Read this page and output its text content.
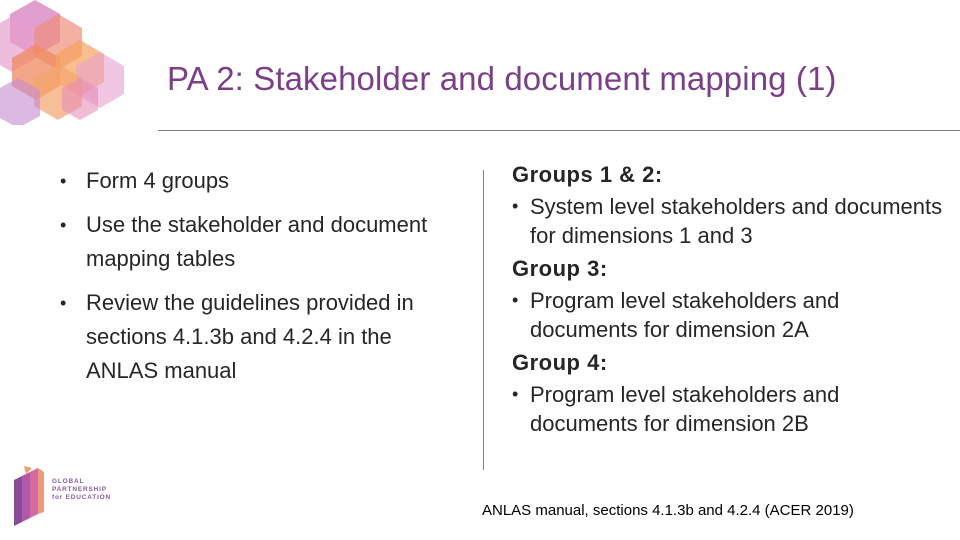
PA 2: Stakeholder and document mapping (1)
• Form 4 groups
• Use the stakeholder and document mapping tables
• Review the guidelines provided in sections 4.1.3b and 4.2.4 in the ANLAS manual

Groups 1 & 2:

• System level stakeholders and documents for dimensions 1 and 3

Group 3:

• Program level stakeholders and documents for dimension 2A

Group 4:

• Program level stakeholders and documents for dimension 2B
GLOBAL
PARTNERSHIP
for EDUCATION
ANLAS manual, sections 4.1.3b and 4.2.4 (ACER 2019)
